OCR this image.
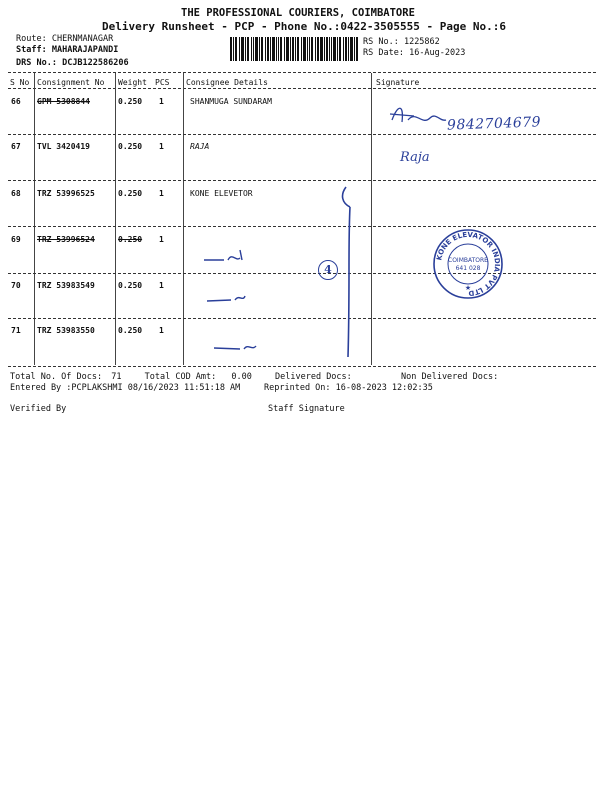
THE PROFESSIONAL COURIERS, COIMBATORE
Delivery Runsheet - PCP - Phone No.:0422-3505555 - Page No.:6
Route: CHERNMANAGAR
Staff: MAHARAJAPANDI
DRS No.: DCJB122586206
RS No.: 1225862
RS Date: 16-Aug-2023
S No Consignment No Weight PCS Consignee Details	Signature
66 GPM 5308844	0.250 1	SHANMUGA SUNDARAM
67 TVL 3420419	0.250 1	RAJA
68 TRZ 53996525	0.250 1	KONE ELEVETOR
69 TRZ 53996524	0.250 1
70 TRZ 53983549	0.250 1
71 TRZ 53983550	0.250 1
9842704679
Raja
4
KONE ELEVATOR INDIA PVT LTD
COIMBATORE
641 028
★
Total No. Of Docs: 71	Total COD Amt: 0.00	Delivered Docs:	Non Delivered Docs:
Entered By :PCPLAKSHMI 08/16/2023 11:51:18 AM	Reprinted On: 16-08-2023 12:02:35
Verified By	Staff Signature
